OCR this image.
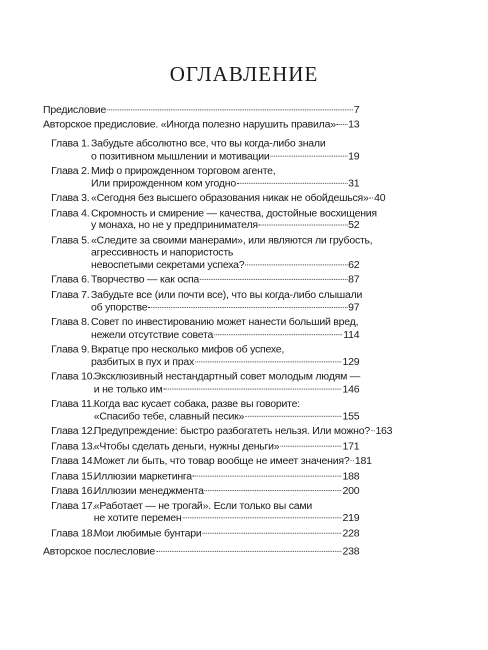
ОГЛАВЛЕНИЕ
Предисловие	7
Авторское предисловие. «Иногда полезно нарушить правила» 13
Глава 1. Забудьте абсолютно все, что вы когда-либо знали
о позитивном мышлении и мотивации	19
Глава 2. Миф о прирожденном торговом агенте,
Или прирожденном ком угодно	31
Глава 3. «Сегодня без высшего образования никак не обойдешься» 40
Глава 4. Скромность и смирение — качества, достойные восхищения
у монаха, но не у предпринимателя	52
Глава 5. «Следите за своими манерами», или являются ли грубость,
агрессивность и напористость
невоспетыми секретами успеха?	62
Глава 6. Творчество — как оспа	87
Глава 7. Забудьте все (или почти все), что вы когда-либо слышали
об упорстве	97
Глава 8. Совет по инвестированию может нанести больший вред,
нежели отсутствие совета	114
Глава 9. Вкратце про несколько мифов об успехе,
разбитых в пух и прах	129
Глава 10.
Эксклюзивный нестандартный совет молодым людям —
и не только им	146
Глава 11. Когда вас кусает собака, разве вы говорите:
«Спасибо тебе, славный песик»	155
Глава 12.
Предупреждение: быстро разбогатеть нельзя. Или можно? 163
Глава 13.
«Чтобы сделать деньги, нужны деньги»	171
Глава 14.
Может ли быть, что товар вообще не имеет значения? 181
Глава 15.
Иллюзии маркетинга	188
Глава 16.
Иллюзии менеджмента	200
Глава 17.
«Работает — не трогай». Если только вы сами
не хотите перемен	219
Глава 18.
Мои любимые бунтари	228
Авторское послесловие	238
